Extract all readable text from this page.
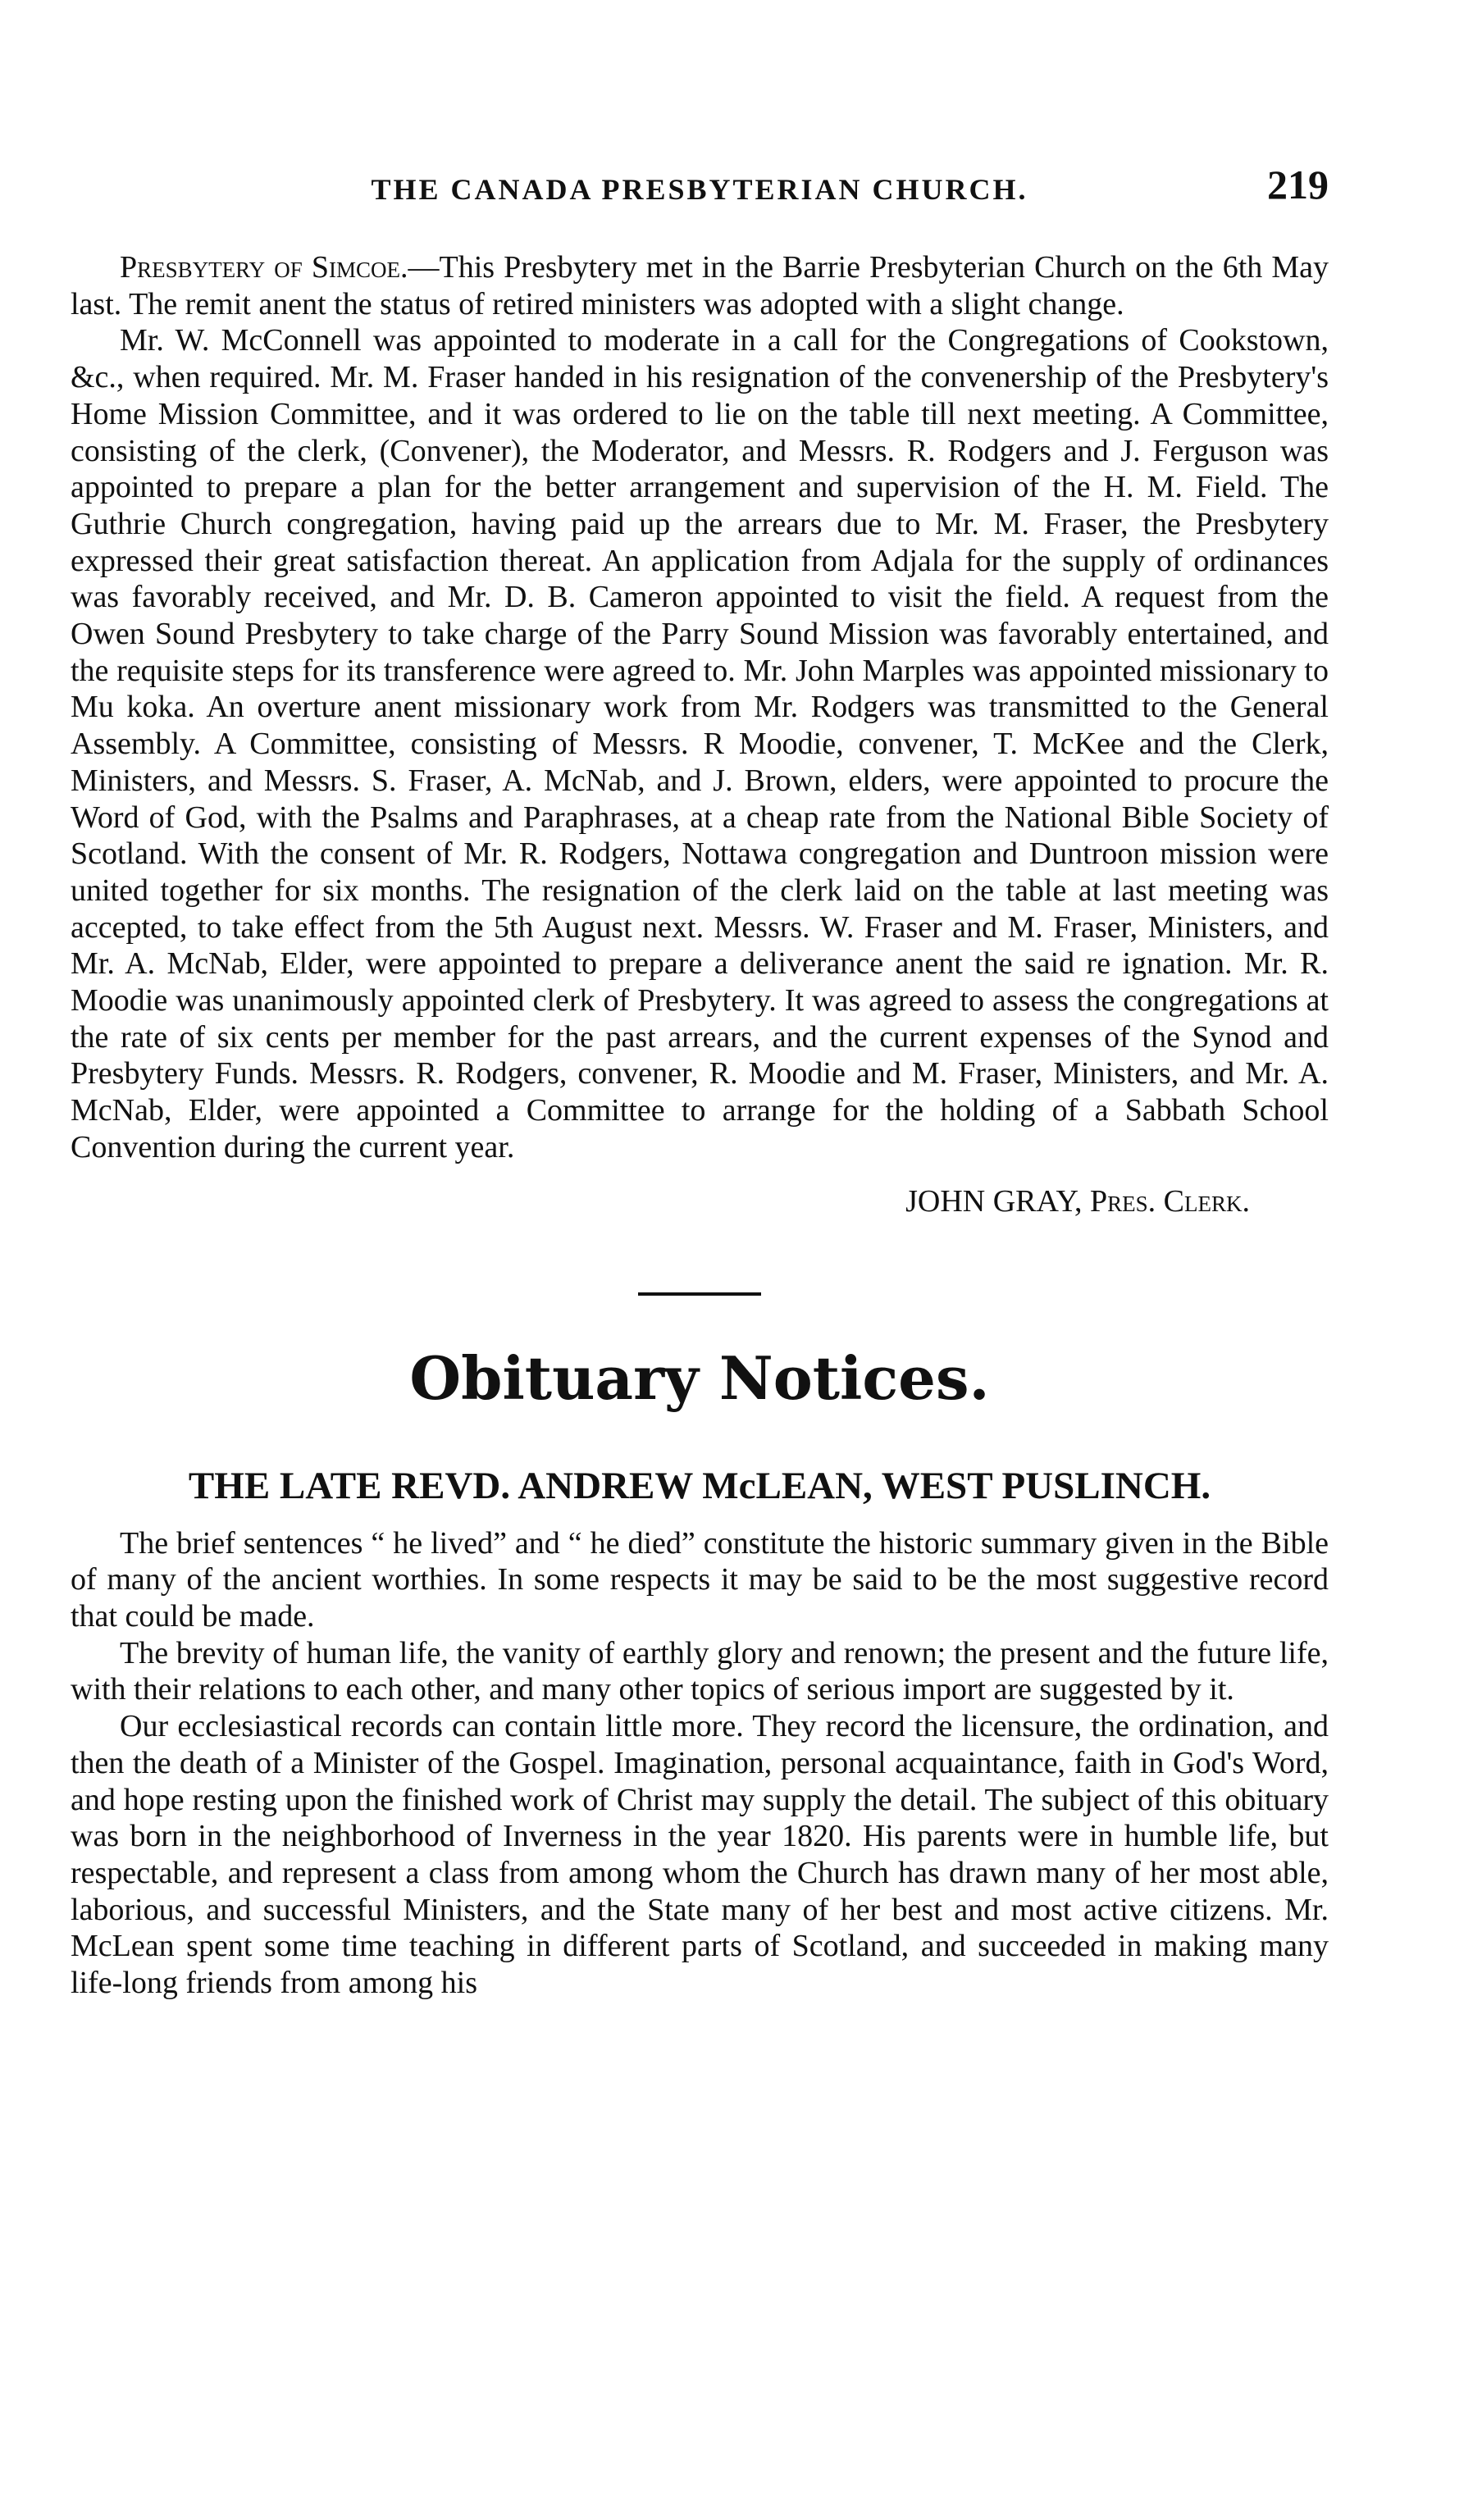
THE CANADA PRESBYTERIAN CHURCH.	219

Presbytery of Simcoe.—This Presbytery met in the Barrie Presbyterian Church on the 6th May last. The remit anent the status of retired ministers was adopted with a slight change.

Mr. W. McConnell was appointed to moderate in a call for the Congregations of Cookstown, &c., when required. Mr. M. Fraser handed in his resignation of the convenership of the Presbytery's Home Mission Committee, and it was ordered to lie on the table till next meeting. A Committee, consisting of the clerk, (Convener), the Moderator, and Messrs. R. Rodgers and J. Ferguson was appointed to prepare a plan for the better arrangement and supervision of the H. M. Field. The Guthrie Church congregation, having paid up the arrears due to Mr. M. Fraser, the Presbytery expressed their great satisfaction thereat. An application from Adjala for the supply of ordinances was favorably received, and Mr. D. B. Cameron appointed to visit the field. A request from the Owen Sound Presbytery to take charge of the Parry Sound Mission was favorably entertained, and the requisite steps for its transference were agreed to. Mr. John Marples was appointed missionary to Mu koka. An overture anent missionary work from Mr. Rodgers was transmitted to the General Assembly. A Committee, consisting of Messrs. R Moodie, convener, T. McKee and the Clerk, Ministers, and Messrs. S. Fraser, A. McNab, and J. Brown, elders, were appointed to procure the Word of God, with the Psalms and Paraphrases, at a cheap rate from the National Bible Society of Scotland. With the consent of Mr. R. Rodgers, Nottawa congregation and Duntroon mission were united together for six months. The resignation of the clerk laid on the table at last meeting was accepted, to take effect from the 5th August next. Messrs. W. Fraser and M. Fraser, Ministers, and Mr. A. McNab, Elder, were appointed to prepare a deliverance anent the said re ignation. Mr. R. Moodie was unanimously appointed clerk of Presbytery. It was agreed to assess the congregations at the rate of six cents per member for the past arrears, and the current expenses of the Synod and Presbytery Funds. Messrs. R. Rodgers, convener, R. Moodie and M. Fraser, Ministers, and Mr. A. McNab, Elder, were appointed a Committee to arrange for the holding of a Sabbath School Convention during the current year.

JOHN GRAY, Pres. Clerk.
Obituary Notices.
THE LATE REVD. ANDREW McLEAN, WEST PUSLINCH.

The brief sentences “ he lived” and “ he died” constitute the historic summary given in the Bible of many of the ancient worthies. In some respects it may be said to be the most suggestive record that could be made.

The brevity of human life, the vanity of earthly glory and renown; the present and the future life, with their relations to each other, and many other topics of serious import are suggested by it.

Our ecclesiastical records can contain little more. They record the licensure, the ordination, and then the death of a Minister of the Gospel. Imagination, personal acquaintance, faith in God's Word, and hope resting upon the finished work of Christ may supply the detail. The subject of this obituary was born in the neighborhood of Inverness in the year 1820. His parents were in humble life, but respectable, and represent a class from among whom the Church has drawn many of her most able, laborious, and successful Ministers, and the State many of her best and most active citizens. Mr. McLean spent some time teaching in different parts of Scotland, and succeeded in making many life-long friends from among his
